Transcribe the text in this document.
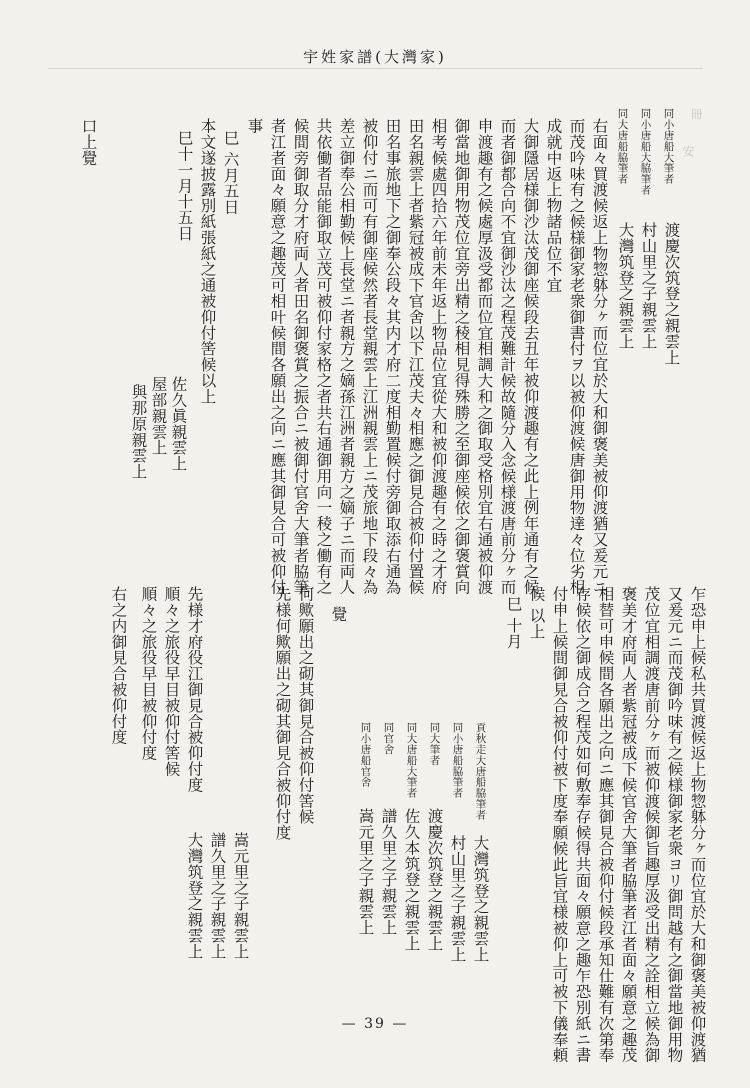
宇姓家譜(大灣家)
冊
安
同小唐船大筆者
渡慶次筑登之親雲上
同小唐船大脇筆者
村山里之子親雲上
同大唐船脇筆者
大灣筑登之親雲上
右面々買渡候返上物惣躰分ヶ而位宜於大和御褒美被仰渡猶又爰元ニ
而茂吟味有之候様御家老衆御書付ヲ以被仰渡候唐御用物達々位劣相
成就中返上物諸品位不宜
大御隱居様御沙汰茂御座候段去丑年被仰渡趣有之此上例年通有之候
而者御都合向不宜御沙汰之程茂難計候故隨分入念候様渡唐前分ヶ而
申渡趣有之候處厚汲受都而位宜相調大和之御取受格別宜右通被仰渡
御當地御用物茂位宜旁出精之稜相見得殊勝之至御座候依之御褒賞向
相考候處四拾六年前未年返上物品位宜從大和被仰渡趣有之時之才府
田名親雲上者紫冠被成下官舍以下江茂夫々相應之御見合被仰付置候
田名事旅地下之御奉公段々其内才府二度相勤置候付旁御取添右通為
被仰付ニ而可有御座候然者長堂親雲上江洲親雲上ニ茂旅地下段々為
差立御奉公相勤候上長堂ニ者親方之嫡孫江洲者親方之嫡子ニ而両人
共依働者品能御取立茂可被仰付家格之者共右通御用向一稜之働有之
候間旁御取分才府両人者田名御褒賞之振合ニ被御付官舍大筆者脇筆
者江者面々願意之趣茂可相叶候間各願出之向ニ應其御見合可被仰付
事
巳 六月五日
本文遂披露別紙張紙之通被仰付筈候以上
巳十一月十五日
佐久眞親雲上
屋部親雲上
與那原親雲上
口上覺
乍恐申上候私共買渡候返上物惣躰分ヶ而位宜於大和御褒美被仰渡猶
又爰元ニ而茂御吟味有之候様御家老衆ヨリ御問越有之御當地御用物
茂位宜相調渡唐前分ヶ而被仰渡候御旨趣厚汲受出精之詮相立候為御
褒美才府両人者紫冠被成下候官舍大筆者脇筆者江者面々願意之趣茂
相替可申候間各願出之向ニ應其御見合被仰付候段承知仕難有次第奉
存候依之御成合之程茂如何敷奉存候得共面々願意之趣乍恐別紙ニ書
付申上候間御見合被仰付被下度奉願候此旨宜様被仰上可被下儀奉頼
候 以上
巳 十月
貢秋走大唐船脇筆者
大灣筑登之親雲上
同小唐船脇筆者
村山里之子親雲上
同大筆者
渡慶次筑登之親雲上
同大唐船大筆者
佐久本筑登之親雲上
同官舍
譜久里之子親雲上
同小唐船官舍
嵩元里之子親雲上
覺
何歟願出之砌其御見合被仰付筈候
先様何歟願出之砌其御見合被仰付度
先様才府役江御見合被仰付度
順々之旅役早目被仰付筈候
順々之旅役早目被仰付度
右之内御見合被仰付度
嵩元里之子親雲上
譜久里之子親雲上
大灣筑登之親雲上
— 39 —
